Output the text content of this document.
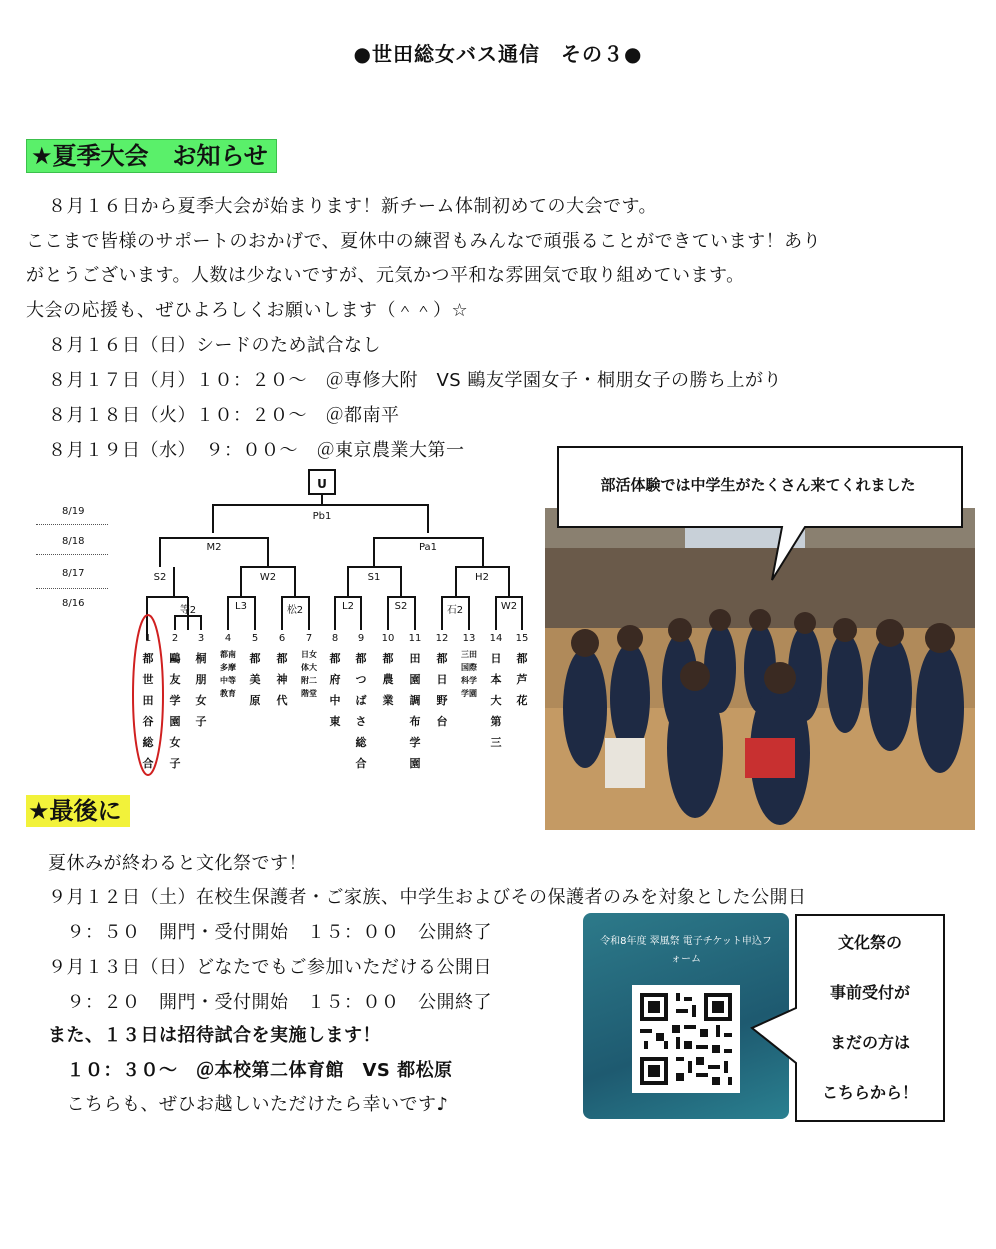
●世田総女バス通信　その３●
★夏季大会　お知らせ
８月１６日から夏季大会が始まります！新チーム体制初めての大会です。
ここまで皆様のサポートのおかげで、夏休中の練習もみんなで頑張ることができています！あり
がとうございます。人数は少ないですが、元気かつ平和な雰囲気で取り組めています。
大会の応援も、ぜひよろしくお願いします（＾＾）☆
８月１６日（日）シードのため試合なし
８月１７日（月）１０：２０～　＠専修大附　VS 鷗友学園女子・桐朋女子の勝ち上がり
８月１８日（火）１０：２０～　＠都南平
８月１９日（水）　９：００～　＠東京農業大第一
8/19
8/18
8/17
8/16
U
Pb1
M2	Pa1
S2	W2	S1	H2
等2	L3	松2	L2	S2	石2	W2
1	2	3	4	5	6	7	8	9	10 11 12 13 14 15
都世田谷総合
鷗友学園女子
桐朋女子
都南多摩中等教育
都美原
都神代
日女体大附二階堂
都府中東
都つばさ総合
都農業
田園調布学園
都日野台
三田国際科学学園
日本大第三
都芦花
部活体験では中学生がたくさん来てくれました
★最後に
夏休みが終わると文化祭です！
９月１２日（土）在校生保護者・ご家族、中学生およびその保護者のみを対象とした公開日
　９：５０　開門・受付開始　１５：００　公開終了
９月１３日（日）どなたでもご参加いただける公開日
　９：２０　開門・受付開始　１５：００　公開終了
また、１３日は招待試合を実施します！
　１０：３０～　＠本校第二体育館　VS 都松原
　こちらも、ぜひお越しいただけたら幸いです♪
令和8年度 翠風祭 電子チケット申込フ
ォーム
文化祭の
事前受付が
まだの方は
こちらから！
